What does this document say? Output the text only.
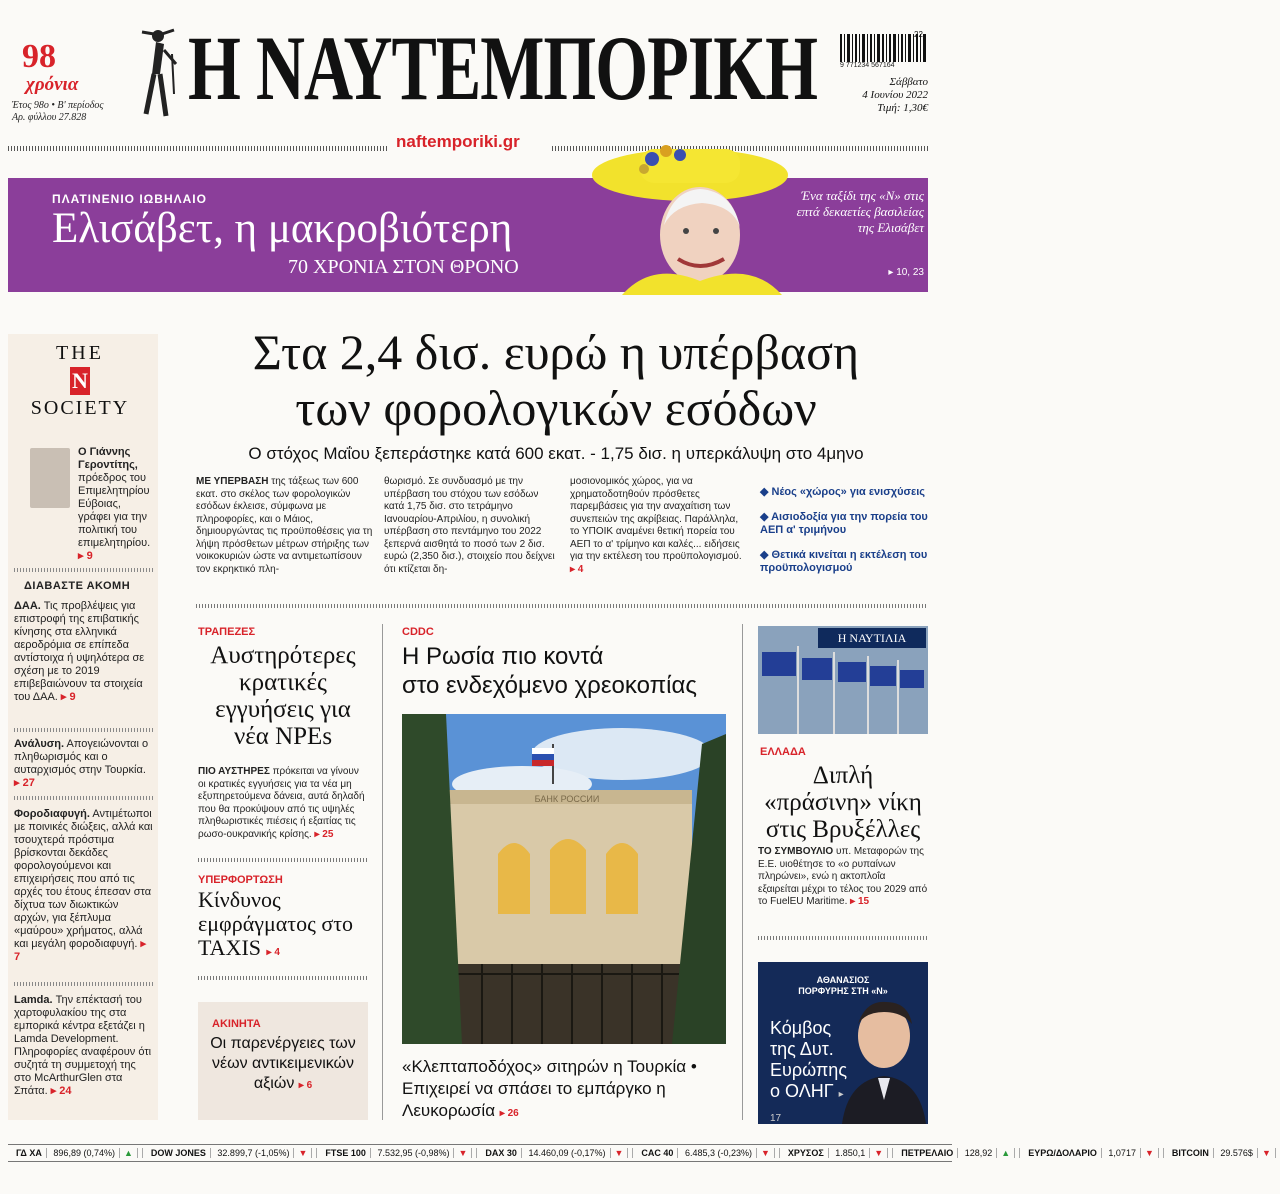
98
χρόνια
Έτος 98ο • Β' περίοδος
Αρ. φύλλου 27.828 Η ΝΑΥΤΕΜΠΟΡΙΚΗ
naftemporiki.gr
22
9 771234 567164
Σάββατο
4 Ιουνίου 2022
Τιμή: 1,30€
ΠΛΑΤΙΝΕΝΙΟ ΙΩΒΗΛΑΙΟ
Ελισάβετ, η μακροβιότερη
70 ΧΡΟΝΙΑ ΣΤΟΝ ΘΡΟΝΟ
Ένα ταξίδι της «Ν» στις επτά δεκαετίες βασιλείας της Ελισάβετ
▸ 10, 23
THE
N
SOCIETY
Ο Γιάννης Γεροντίτης, πρόεδρος του Επιμελητηρίου Εύβοιας, γράφει για την πολιτική του επιμελητηρίου. ▸ 9
ΔΙΑΒΑΣΤΕ ΑΚΟΜΗ
ΔΑΑ. Τις προβλέψεις για επιστροφή της επιβατικής κίνησης στα ελληνικά αεροδρόμια σε επίπεδα αντίστοιχα ή υψηλότερα σε σχέση με το 2019 επιβεβαιώνουν τα στοιχεία του ΔΑΑ. ▸ 9
Ανάλυση. Απογειώνονται ο πληθωρισμός και ο αυταρχισμός στην Τουρκία. ▸ 27
Φοροδιαφυγή. Αντιμέτωποι με ποινικές διώξεις, αλλά και τσουχτερά πρόστιμα βρίσκονται δεκάδες φορολογούμενοι και επιχειρήσεις που από τις αρχές του έτους έπεσαν στα δίχτυα των διωκτικών αρχών, για ξέπλυμα «μαύρου» χρήματος, αλλά και μεγάλη φοροδιαφυγή. ▸ 7
Lamda. Την επέκτασή του χαρτοφυλακίου της στα εμπορικά κέντρα εξετάζει η Lamda Development. Πληροφορίες αναφέρουν ότι συζητά τη συμμετοχή της στο McArthurGlen στα Σπάτα. ▸ 24
Στα 2,4 δισ. ευρώ η υπέρβαση
των φορολογικών εσόδων
Ο στόχος Μαΐου ξεπεράστηκε κατά 600 εκατ. - 1,75 δισ. η υπερκάλυψη στο 4μηνο
ΜΕ ΥΠΕΡΒΑΣΗ της τάξεως των 600 εκατ. στο σκέλος των φορολογικών εσόδων έκλεισε, σύμφωνα με πληροφορίες, και ο Μάιος, δημιουργώντας τις προϋποθέσεις για τη λήψη πρόσθετων μέτρων στήριξης των νοικοκυριών ώστε να αντιμετωπίσουν τον εκρηκτικό πλη-
θωρισμό. Σε συνδυασμό με την υπέρβαση του στόχου των εσόδων κατά 1,75 δισ. στο τετράμηνο Ιανουαρίου-Απριλίου, η συνολική υπέρβαση στο πεντάμηνο του 2022 ξεπερνά αισθητά το ποσό των 2 δισ. ευρώ (2,350 δισ.), στοιχείο που δείχνει ότι κτίζεται δη-
μοσιονομικός χώρος, για να χρηματοδοτηθούν πρόσθετες παρεμβάσεις για την αναχαίτιση των συνεπειών της ακρίβειας. Παράλληλα, το ΥΠΟΙΚ αναμένει θετική πορεία του ΑΕΠ το α' τρίμηνο και καλές... ειδήσεις για την εκτέλεση του προϋπολογισμού. ▸ 4
◆ Νέος «χώρος» για ενισχύσεις
◆ Αισιοδοξία για την πορεία του ΑΕΠ α' τριμήνου
◆ Θετικά κινείται η εκτέλεση του προϋπολογισμού
ΤΡΑΠΕΖΕΣ
Αυστηρότερες κρατικές εγγυήσεις για νέα NPEs
ΠΙΟ ΑΥΣΤΗΡΕΣ πρόκειται να γίνουν οι κρατικές εγγυήσεις για τα νέα μη εξυπηρετούμενα δάνεια, αυτά δηλαδή που θα προκύψουν από τις υψηλές πληθωριστικές πιέσεις ή εξαιτίας τις ρωσο-ουκρανικής κρίσης. ▸ 25
ΥΠΕΡΦΟΡΤΩΣΗ
Κίνδυνος εμφράγματος στο TAXIS ▸ 4
ΑΚΙΝΗΤΑ
Οι παρενέργειες των νέων αντικειμενικών αξιών ▸ 6
CDDC
Η Ρωσία πιο κοντά
στο ενδεχόμενο χρεοκοπίας
БАНК РОССИИ
«Κλεπταποδόχος» σιτηρών η Τουρκία • Επιχειρεί να σπάσει το εμπάργκο η Λευκορωσία ▸ 26
Η ΝΑΥΤΙΛΙΑ
ΕΛΛΑΔΑ
Διπλή «πράσινη» νίκη στις Βρυξέλλες
ΤΟ ΣΥΜΒΟΥΛΙΟ υπ. Μεταφορών της Ε.Ε. υιοθέτησε το «ο ρυπαίνων πληρώνει», ενώ η ακτοπλοΐα εξαιρείται μέχρι το τέλος του 2029 από το FuelEU Maritime. ▸ 15
ΑΘΑΝΑΣΙΟΣ
ΠΟΡΦΥΡΗΣ ΣΤΗ «Ν»
Κόμβος της Δυτ. Ευρώπης ο ΟΛΗΓ ▸ 17
ΓΔ ΧΑ 896,89 (0,74%) ▲	DOW JONES 32.899,7 (-1,05%) ▼	FTSE 100 7.532,95 (-0,98%) ▼	DAX 30 14.460,09 (-0,17%) ▼	CAC 40 6.485,3 (-0,23%) ▼	ΧΡΥΣΟΣ 1.850,1 ▼	ΠΕΤΡΕΛΑΙΟ 128,92 ▲	ΕΥΡΩ/ΔΟΛΑΡΙΟ 1,0717 ▼	BITCOIN 29.576$ ▼
